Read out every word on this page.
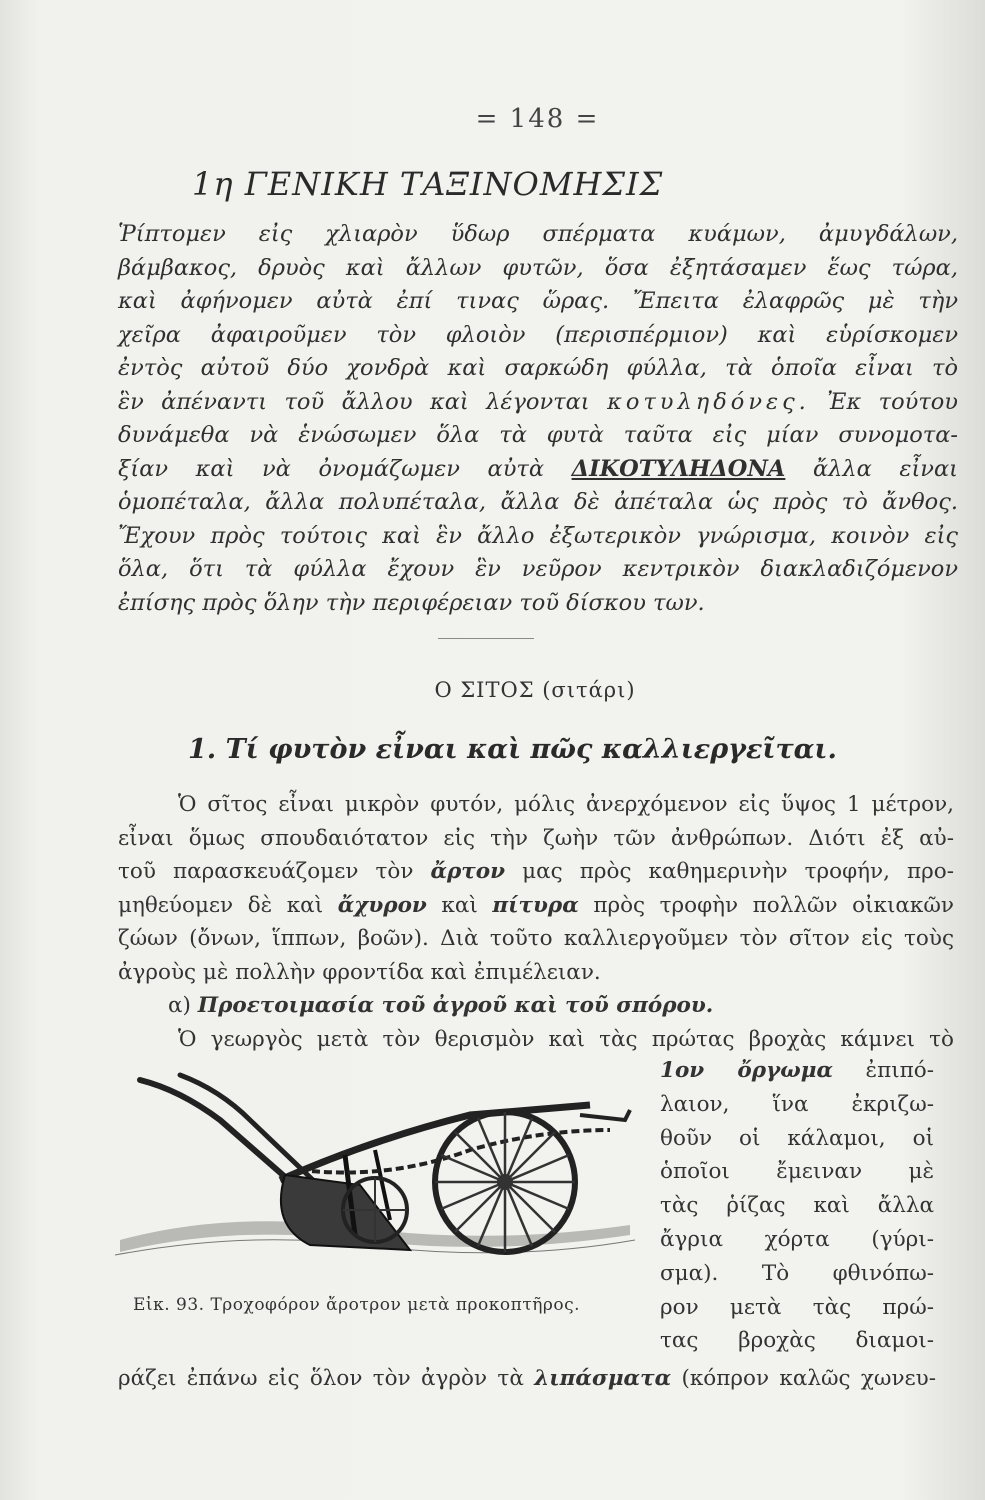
= 148 =
1η ΓΕΝΙΚΗ ΤΑΞΙΝΟΜΗΣΙΣ
Ῥίπτομεν εἰς χλιαρὸν ὕδωρ σπέρματα κυάμων, ἀμυγδάλων,
βάμβακος, δρυὸς καὶ ἄλλων φυτῶν, ὅσα ἐξητάσαμεν ἕως τώρα,
καὶ ἀφήνομεν αὐτὰ ἐπί τινας ὥρας. Ἔπειτα ἐλαφρῶς μὲ τὴν
χεῖρα ἀφαιροῦμεν τὸν φλοιὸν (περισπέρμιον) καὶ εὑρίσκομεν
ἐντὸς αὐτοῦ δύο χονδρὰ καὶ σαρκώδη φύλλα, τὰ ὁποῖα εἶναι τὸ
ἓν ἀπέναντι τοῦ ἄλλου καὶ λέγονται κοτυληδόνες. Ἐκ τούτου
δυνάμεθα νὰ ἑνώσωμεν ὅλα τὰ φυτὰ ταῦτα εἰς μίαν συνομοτα-
ξίαν καὶ νὰ ὀνομάζωμεν αὐτὰ ΔΙΚΟΤΥΛΗΔΟΝΑ ἄλλα εἶναι
ὁμοπέταλα, ἄλλα πολυπέταλα, ἄλλα δὲ ἀπέταλα ὡς πρὸς τὸ ἄνθος.
Ἔχουν πρὸς τούτοις καὶ ἓν ἄλλο ἐξωτερικὸν γνώρισμα, κοινὸν εἰς
ὅλα, ὅτι τὰ φύλλα ἔχουν ἓν νεῦρον κεντρικὸν διακλαδιζόμενον
ἐπίσης πρὸς ὅλην τὴν περιφέρειαν τοῦ δίσκου των.
Ο ΣΙΤΟΣ (σιτάρι)
1. Τί φυτὸν εἶναι καὶ πῶς καλλιεργεῖται.
Ὁ σῖτος εἶναι μικρὸν φυτόν, μόλις ἀνερχόμενον εἰς ὕψος 1 μέτρον,
εἶναι ὅμως σπουδαιότατον εἰς τὴν ζωὴν τῶν ἀνθρώπων. Διότι ἐξ αὐ-
τοῦ παρασκευάζομεν τὸν ἄρτον μας πρὸς καθημερινὴν τροφήν, προ-
μηθεύομεν δὲ καὶ ἄχυρον καὶ πίτυρα πρὸς τροφὴν πολλῶν οἰκιακῶν
ζώων (ὄνων, ἵππων, βοῶν). Διὰ τοῦτο καλλιεργοῦμεν τὸν σῖτον εἰς τοὺς
ἀγροὺς μὲ πολλὴν φροντίδα καὶ ἐπιμέλειαν.
α) Προετοιμασία τοῦ ἀγροῦ καὶ τοῦ σπόρου.
Ὁ γεωργὸς μετὰ τὸν θερισμὸν καὶ τὰς πρώτας βροχὰς κάμνει τὸ
Εἰκ. 93. Τροχοφόρον ἄροτρον μετὰ προκοπτῆρος.
1ον ὄργωμα ἐπιπό-
λαιον, ἵνα ἐκριζω-
θοῦν οἱ κάλαμοι, οἱ
ὁποῖοι ἔμειναν μὲ
τὰς ῥίζας καὶ ἄλλα
ἄγρια χόρτα (γύρι-
σμα). Τὸ φθινόπω-
ρον μετὰ τὰς πρώ-
τας βροχὰς διαμοι-
ράζει ἐπάνω εἰς ὅλον τὸν ἀγρὸν τὰ λιπάσματα (κόπρον καλῶς χωνευ-
